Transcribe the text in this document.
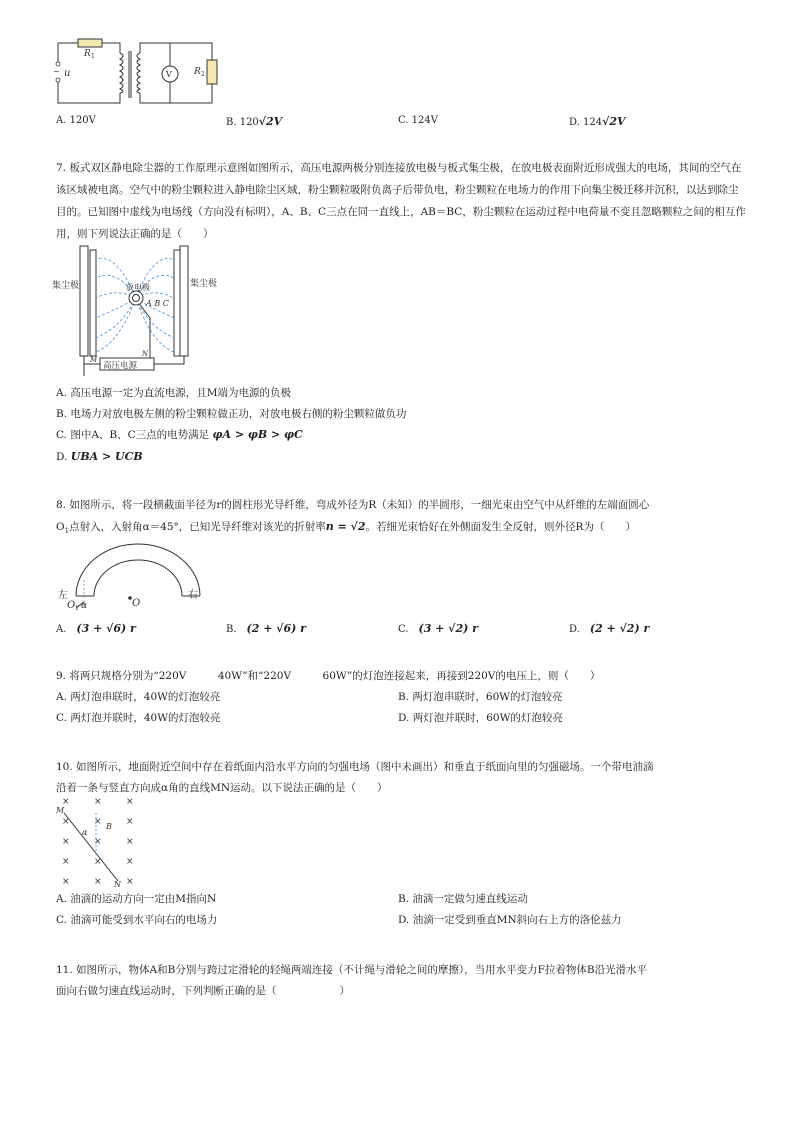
~ u	V
R 1
R 2
A. 120V	B. 120√2V	C. 124V	D. 124√2V
7. 板式双区静电除尘器的工作原理示意图如图所示，高压电源两极分别连接放电极与板式集尘极，在放电极表面附近形成强大的电场，其间的空气在该区域被电离。空气中的粉尘颗粒进入静电除尘区域，粉尘颗粒吸附负离子后带负电，粉尘颗粒在电场力的作用下向集尘极迁移并沉积，以达到除尘目的。已知图中虚线为电场线（方向没有标明），A、B、C三点在同一直线上，AB＝BC，粉尘颗粒在运动过程中电荷量不变且忽略颗粒之间的相互作用，则下列说法正确的是（　　）
集尘极	集尘极
放电极
A B C
高压电源
M
N
A. 高压电源一定为直流电源，且M端为电源的负极
B. 电场力对放电极左侧的粉尘颗粒做正功，对放电极右侧的粉尘颗粒做负功
C. 图中A、B、C三点的电势满足 φA > φB > φC
D. UBA > UCB
8. 如图所示，将一段横截面半径为r的圆柱形光导纤维，弯成外径为R（未知）的半圆形，一细光束由空气中从纤维的左端面圆心
$O_1$点射入，入射角α＝45°，已知光导纤维对该光的折射率n = √2。若细光束恰好在外侧面发生全反射，则外径R为（　　）
左	右
O 1 α	O
A.　 (3 + √6) r	B.　 (2 + √6) r	C.　 (3 + √2) r	D.　 (2 + √2) r
9. 将两只规格分别为“220V　　　40W”和“220V　　　60W”的灯泡连接起来，再接到220V的电压上，则（　　）
A. 两灯泡串联时，40W的灯泡较亮	B. 两灯泡串联时，60W的灯泡较亮
C. 两灯泡并联时，40W的灯泡较亮	D. 两灯泡并联时，60W的灯泡较亮
10. 如图所示，地面附近空间中存在着纸面内沿水平方向的匀强电场（图中未画出）和垂直于纸面向里的匀强磁场。一个带电油滴
沿着一条与竖直方向成α角的直线MN运动。以下说法正确的是（　　）
×	×	×
×	×	×
×	×	×
×	×	×
×	×	×
M
N
B
α
A. 油滴的运动方向一定由M指向N	B. 油滴一定做匀速直线运动
C. 油滴可能受到水平向右的电场力	D. 油滴一定受到垂直MN斜向右上方的洛伦兹力
11. 如图所示，物体A和B分别与跨过定滑轮的轻绳两端连接（不计绳与滑轮之间的摩擦），当用水平变力F拉着物体B沿光滑水平
面向右做匀速直线运动时，下列判断正确的是（　　　　　　）
